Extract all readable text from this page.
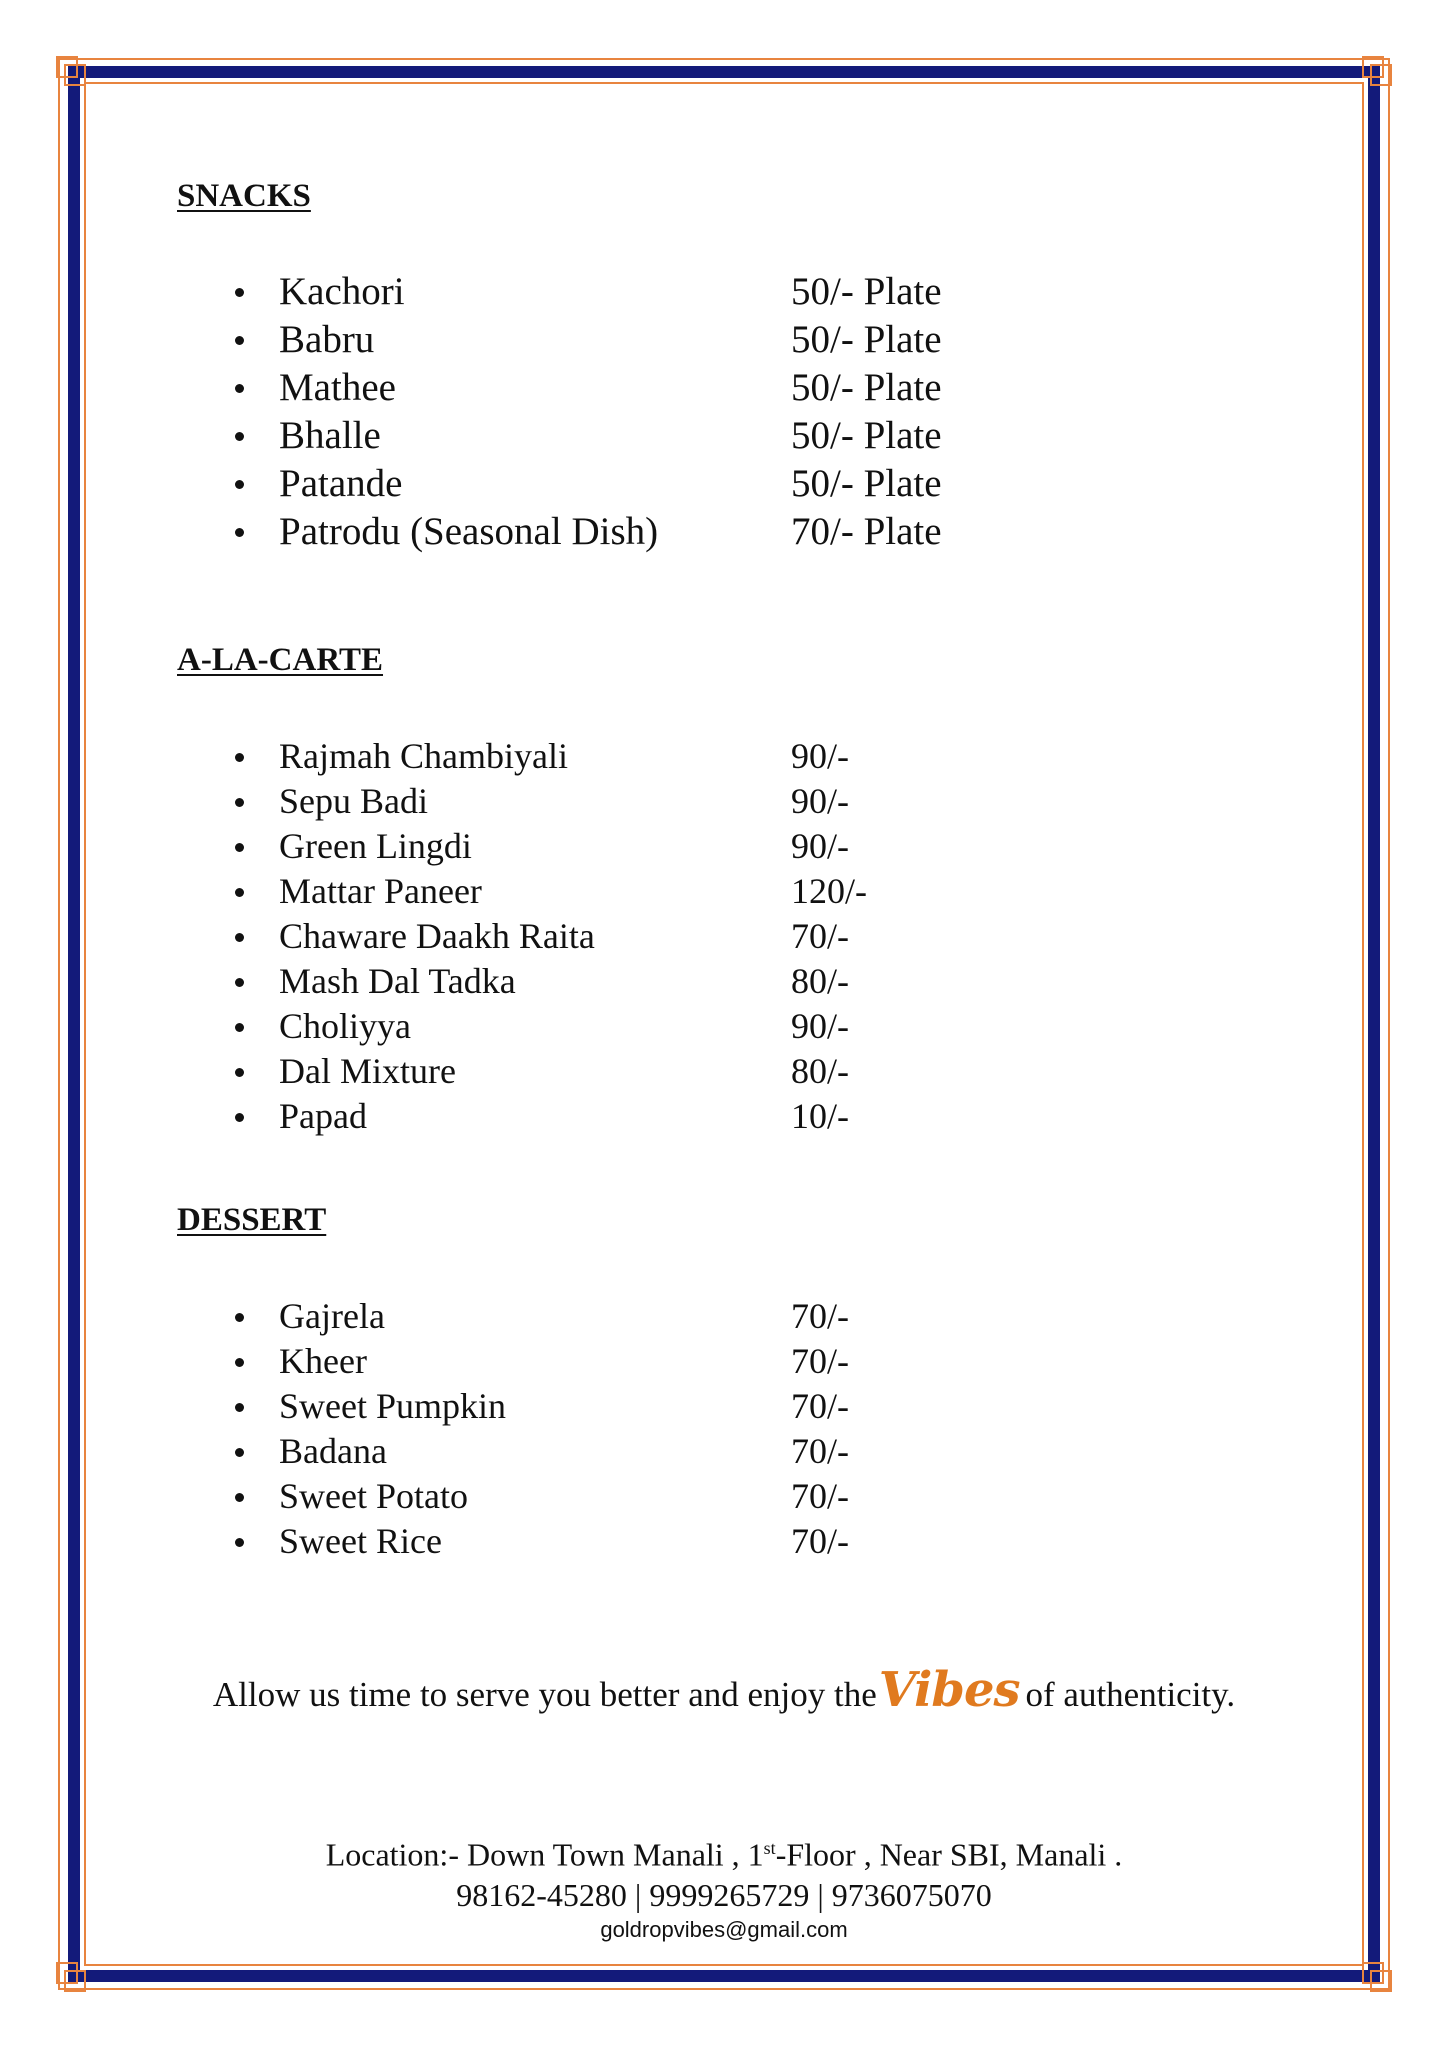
SNACKS
Kachori	50/- Plate
Babru	50/- Plate
Mathee	50/- Plate
Bhalle	50/- Plate
Patande	50/- Plate
Patrodu (Seasonal Dish)	70/- Plate
A-LA-CARTE
Rajmah Chambiyali	90/-
Sepu Badi	90/-
Green Lingdi	90/-
Mattar Paneer	120/-
Chaware Daakh Raita	70/-
Mash Dal Tadka	80/-
Choliyya	90/-
Dal Mixture	80/-
Papad	10/-
DESSERT
Gajrela	70/-
Kheer	70/-
Sweet Pumpkin	70/-
Badana	70/-
Sweet Potato	70/-
Sweet Rice	70/-
Allow us time to serve you better and enjoy theVibes of authenticity.
Location:- Down Town Manali , 1st-Floor , Near SBI, Manali .
98162-45280 | 9999265729 | 9736075070
goldropvibes@gmail.com
